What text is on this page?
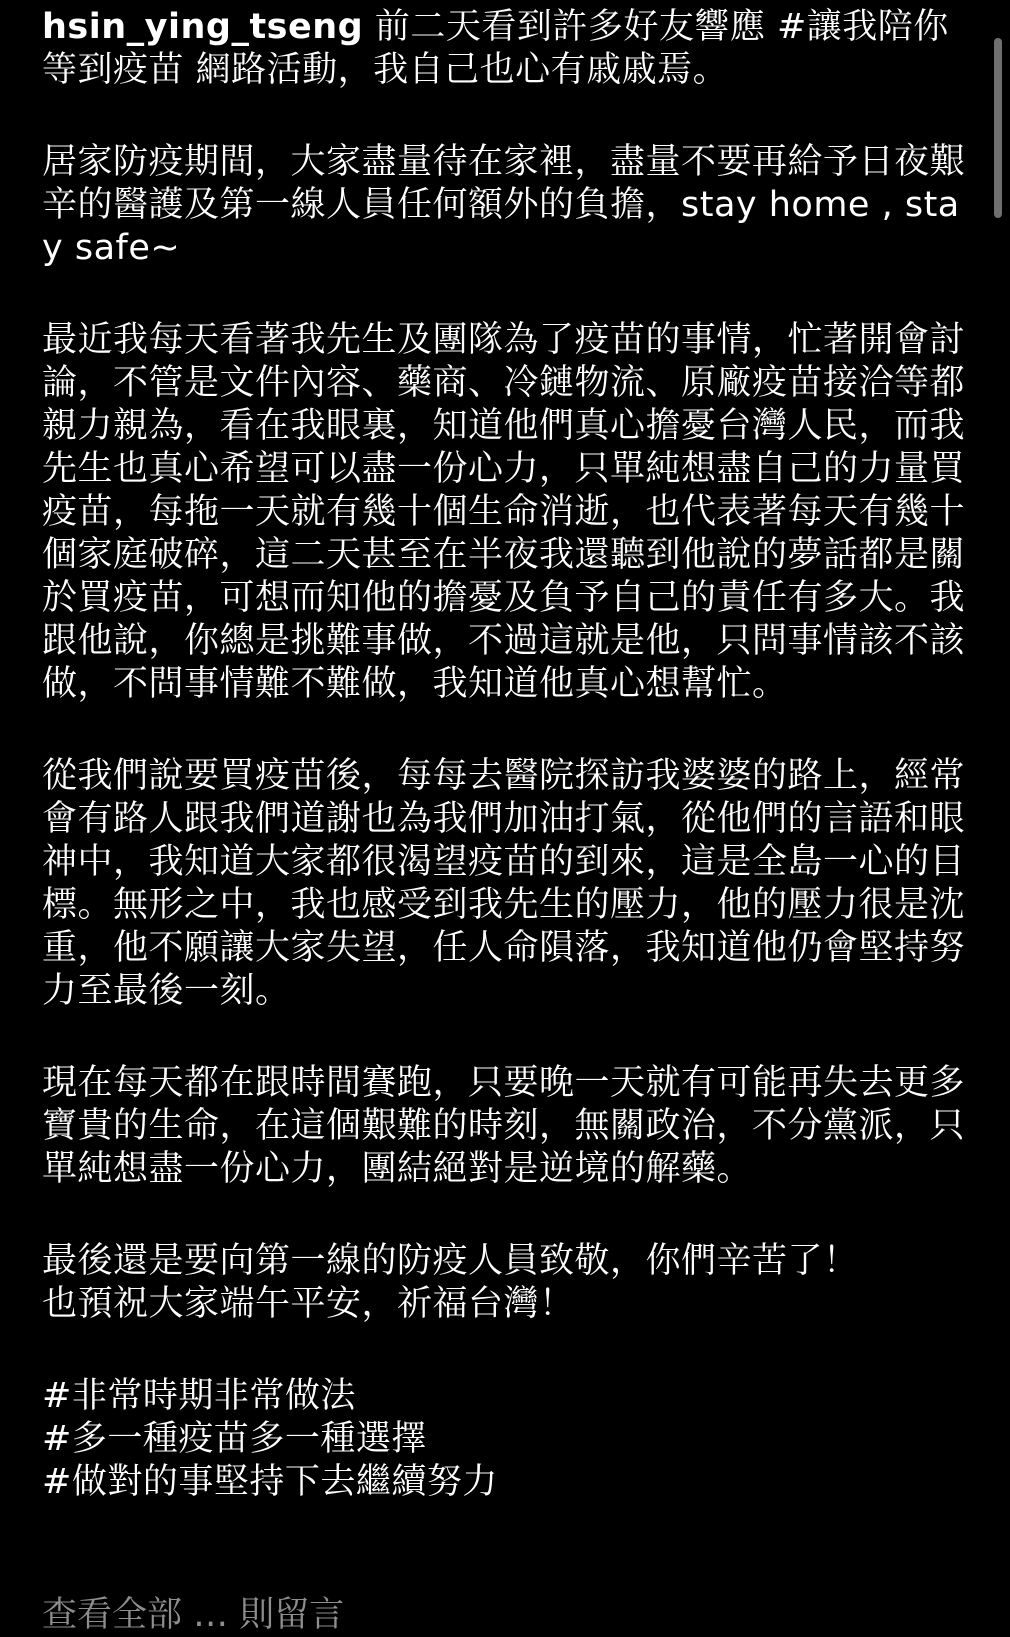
hsin_ying_tseng 前二天看到許多好友響應 #讓我陪你等到疫苗 網路活動，我自己也心有戚戚焉。

居家防疫期間，大家盡量待在家裡，盡量不要再給予日夜艱辛的醫護及第一線人員任何額外的負擔，stay home , stay safe~

最近我每天看著我先生及團隊為了疫苗的事情，忙著開會討論，不管是文件內容、藥商、冷鏈物流、原廠疫苗接洽等都親力親為，看在我眼裏，知道他們真心擔憂台灣人民，而我先生也真心希望可以盡一份心力，只單純想盡自己的力量買疫苗，每拖一天就有幾十個生命消逝，也代表著每天有幾十個家庭破碎，這二天甚至在半夜我還聽到他說的夢話都是關於買疫苗，可想而知他的擔憂及負予自己的責任有多大。我跟他說，你總是挑難事做，不過這就是他，只問事情該不該做，不問事情難不難做，我知道他真心想幫忙。

從我們說要買疫苗後，每每去醫院探訪我婆婆的路上，經常會有路人跟我們道謝也為我們加油打氣，從他們的言語和眼神中，我知道大家都很渴望疫苗的到來，這是全島一心的目標。無形之中，我也感受到我先生的壓力，他的壓力很是沈重，他不願讓大家失望，任人命隕落，我知道他仍會堅持努力至最後一刻。

現在每天都在跟時間賽跑，只要晚一天就有可能再失去更多寶貴的生命，在這個艱難的時刻，無關政治，不分黨派，只單純想盡一份心力，團結絕對是逆境的解藥。

最後還是要向第一線的防疫人員致敬，你們辛苦了！
也預祝大家端午平安，祈福台灣！

#非常時期非常做法
#多一種疫苗多一種選擇
#做對的事堅持下去繼續努力

查看全部 … 則留言
